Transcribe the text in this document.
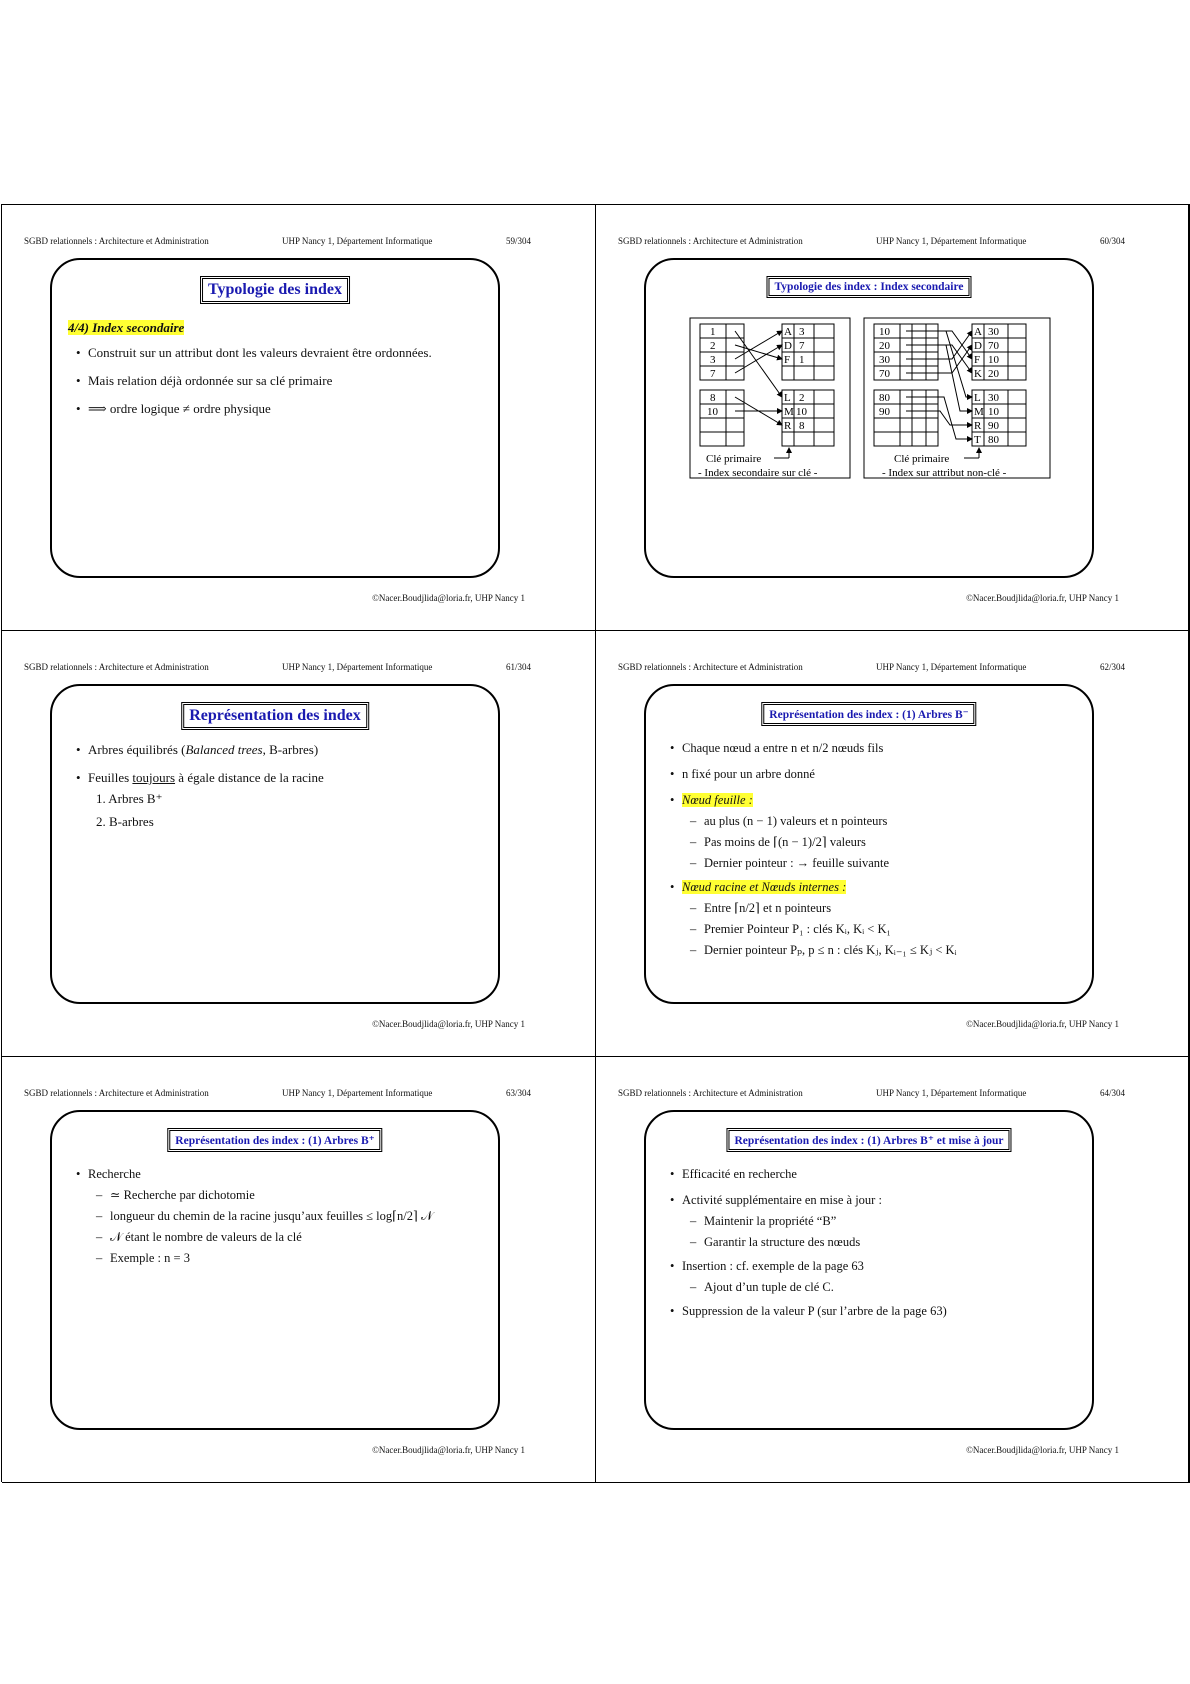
SGBD relationnels : Architecture et Administration	UHP Nancy 1, Département Informatique	59/304
Typologie des index
4/4) Index secondaire
• Construit sur un attribut dont les valeurs devraient être ordonnées.
• Mais relation déjà ordonnée sur sa clé primaire
• ⟹ ordre logique ≠ ordre physique
©Nacer.Boudjlida@loria.fr, UHP Nancy 1
SGBD relationnels : Architecture et Administration	UHP Nancy 1, Département Informatique	60/304
Typologie des index : Index secondaire
1
2
3
7
8
10
A 3
D 7
F 1
L 2
M 10
R 8
Clé primaire
- Index secondaire sur clé -
10
20
30
70
80
90
A 30
D 70
F 10
K 20
L 30
M 10
R 90
T 80
Clé primaire
- Index sur attribut non-clé -
©Nacer.Boudjlida@loria.fr, UHP Nancy 1
SGBD relationnels : Architecture et Administration	UHP Nancy 1, Département Informatique	61/304
Représentation des index
• Arbres équilibrés (Balanced trees, B-arbres)
• Feuilles toujours à égale distance de la racine
1. Arbres B⁺
2. B-arbres
©Nacer.Boudjlida@loria.fr, UHP Nancy 1
SGBD relationnels : Architecture et Administration	UHP Nancy 1, Département Informatique	62/304
Représentation des index : (1) Arbres B⁻
• Chaque nœud a entre n et n/2 nœuds fils
• n fixé pour un arbre donné
• Nœud feuille :
– au plus (n − 1) valeurs et n pointeurs
– Pas moins de ⌈(n − 1)/2⌉ valeurs
– Dernier pointeur : → feuille suivante
• Nœud racine et Nœuds internes :
– Entre ⌈n/2⌉ et n pointeurs
– Premier Pointeur P₁ : clés Kᵢ, Kᵢ < K₁
– Dernier pointeur Pₚ, p ≤ n : clés Kⱼ, Kᵢ₋₁ ≤ Kⱼ < Kᵢ
©Nacer.Boudjlida@loria.fr, UHP Nancy 1
SGBD relationnels : Architecture et Administration	UHP Nancy 1, Département Informatique	63/304
Représentation des index : (1) Arbres B⁺
• Recherche
– ≃ Recherche par dichotomie
– longueur du chemin de la racine jusqu’aux feuilles ≤ log⌈n/2⌉ 𝒩
– 𝒩 étant le nombre de valeurs de la clé
– Exemple : n = 3
©Nacer.Boudjlida@loria.fr, UHP Nancy 1
SGBD relationnels : Architecture et Administration	UHP Nancy 1, Département Informatique	64/304
Représentation des index : (1) Arbres B⁺ et mise à jour
• Efficacité en recherche
• Activité supplémentaire en mise à jour :
– Maintenir la propriété “B”
– Garantir la structure des nœuds
• Insertion : cf. exemple de la page 63
– Ajout d’un tuple de clé C.
• Suppression de la valeur P (sur l’arbre de la page 63)
©Nacer.Boudjlida@loria.fr, UHP Nancy 1
